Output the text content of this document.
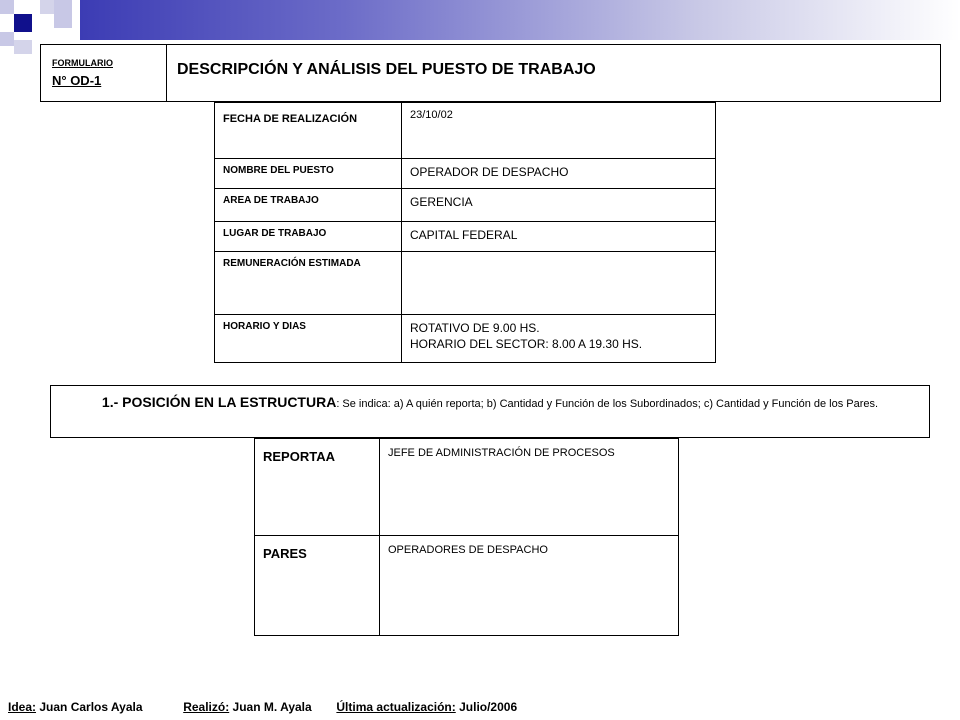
FORMULARIO
N° OD-1
DESCRIPCIÓN Y ANÁLISIS DEL PUESTO DE TRABAJO
FECHA DE REALIZACIÓN	23/10/02

NOMBRE DEL PUESTO	OPERADOR DE DESPACHO

AREA DE TRABAJO	GERENCIA

LUGAR DE TRABAJO	CAPITAL FEDERAL

REMUNERACIÓN ESTIMADA	

HORARIO Y DIAS	ROTATIVO DE 9.00 HS.
HORARIO DEL SECTOR: 8.00 A 19.30 HS.
1.- POSICIÓN EN LA ESTRUCTURA: Se indica: a) A quién reporta; b) Cantidad y Función de los Subordinados; c) Cantidad y Función de los Pares.
REPORTAA	JEFE DE ADMINISTRACIÓN DE PROCESOS

PARES	OPERADORES DE DESPACHO
Idea: Juan Carlos Ayala	Realizó: Juan M. Ayala Última actualización: Julio/2006
